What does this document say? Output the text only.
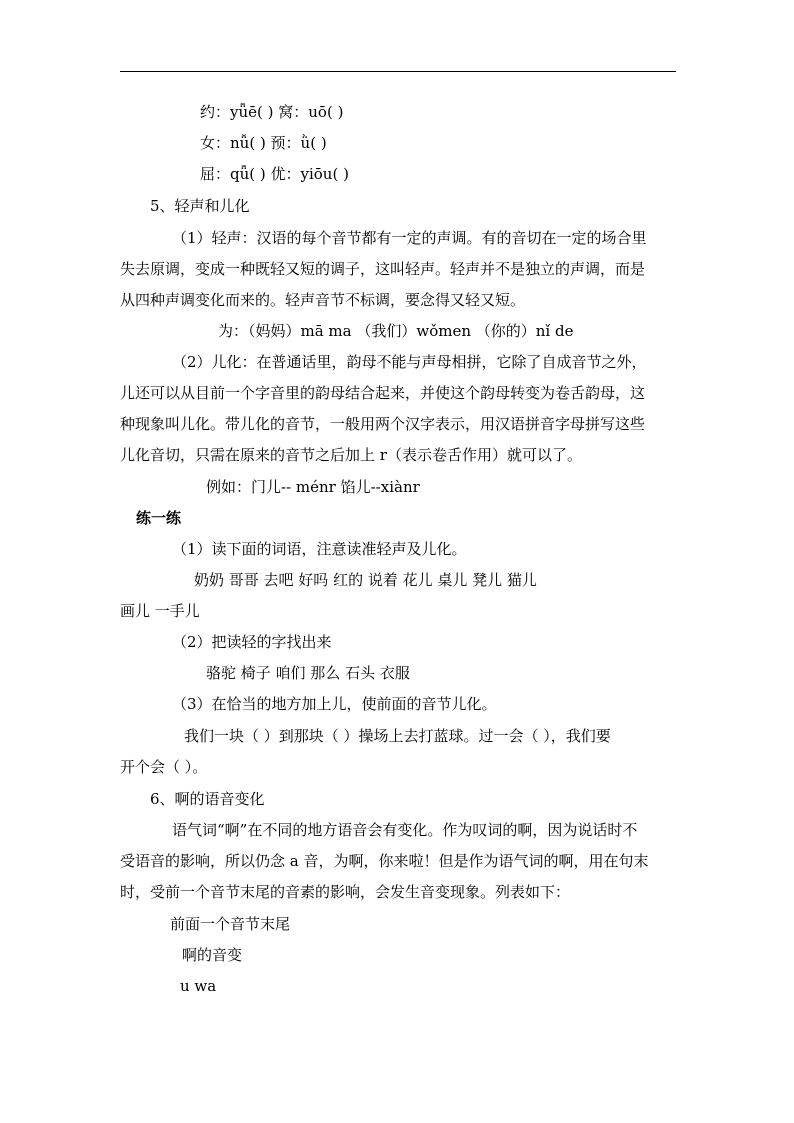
约：yǖē( ) 窝：uō( )
女：nǚ( ) 预：ǜ( )
屈：qǖ( ) 优：yiōu( )
5、轻声和儿化
（1）轻声：汉语的每个音节都有一定的声调。有的音切在一定的场合里
失去原调，变成一种既轻又短的调子，这叫轻声。轻声并不是独立的声调，而是
从四种声调变化而来的。轻声音节不标调，要念得又轻又短。
为：（妈妈）mā ma （我们）wǒmen （你的）nǐ de
（2）儿化：在普通话里，韵母不能与声母相拼，它除了自成音节之外，
儿还可以从目前一个字音里的韵母结合起来，并使这个韵母转变为卷舌韵母，这
种现象叫儿化。带儿化的音节，一般用两个汉字表示，用汉语拼音字母拼写这些
儿化音切，只需在原来的音节之后加上 r（表示卷舌作用）就可以了。
例如：门儿-- ménr 馅儿--xiànr
练一练
（1）读下面的词语，注意读准轻声及儿化。
奶奶 哥哥 去吧 好吗 红的 说着 花儿 桌儿 凳儿 猫儿
画儿 一手儿
（2）把读轻的字找出来
骆驼 椅子 咱们 那么 石头 衣服
（3）在恰当的地方加上儿，使前面的音节儿化。
我们一块（ ）到那块（ ）操场上去打蓝球。过一会（ ），我们要
开个会（ ）。
6、啊的语音变化
语气词“啊”在不同的地方语音会有变化。作为叹词的啊，因为说话时不
受语音的影响，所以仍念 a 音，为啊，你来啦！但是作为语气词的啊，用在句末
时，受前一个音节末尾的音素的影响，会发生音变现象。列表如下：
前面一个音节末尾
啊的音变
u wa
